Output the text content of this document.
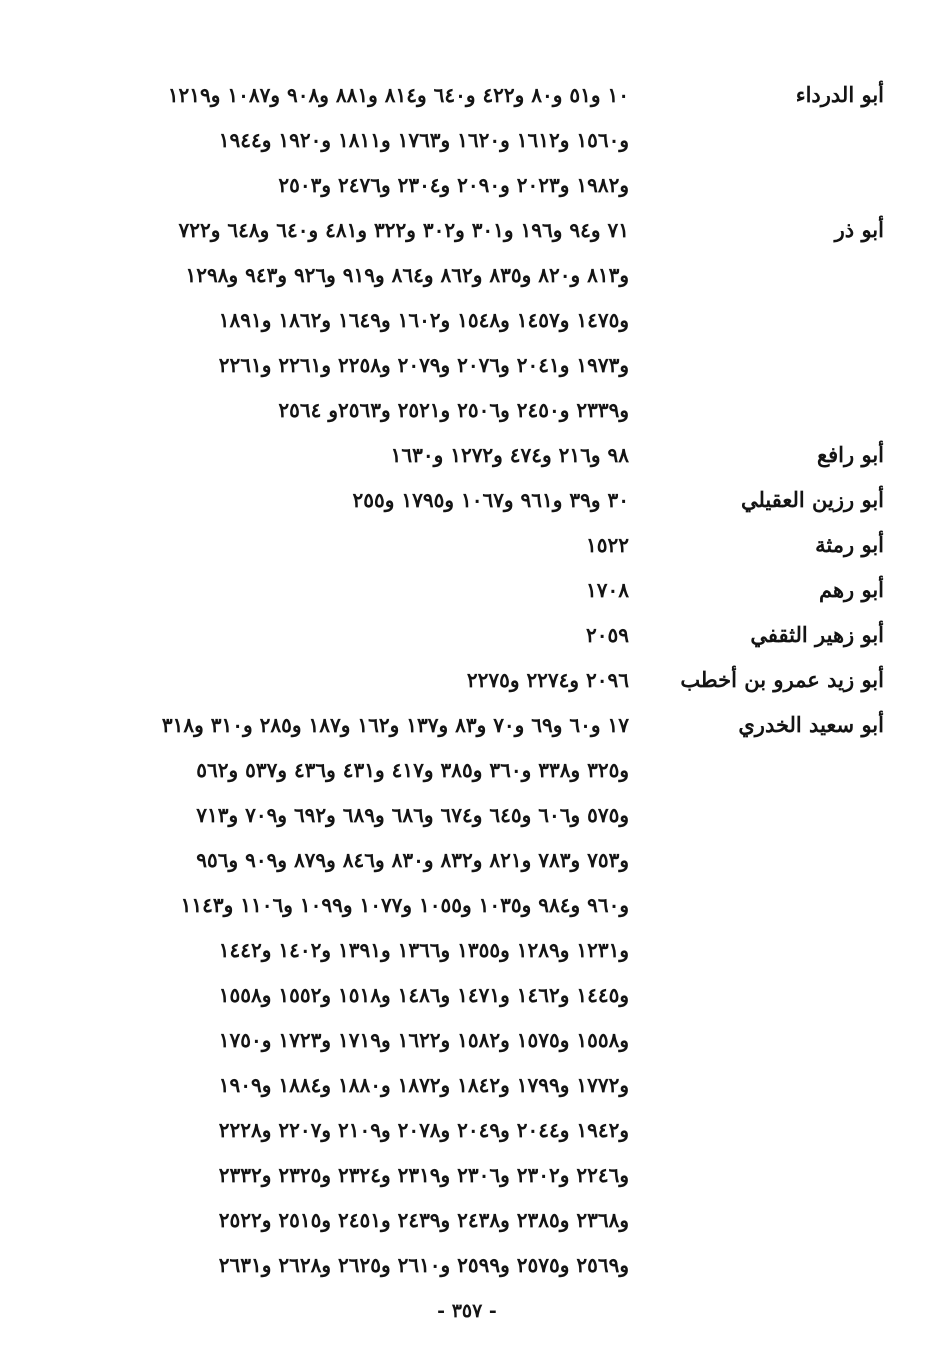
أبو الدرداء
١٠ و٥١ و٨٠ و٤٢٢ و٦٤٠ و٨١٤ و٨٨١ و٩٠٨ و١٠٨٧ و١٢١٩
و١٥٦٠ و١٦١٢ و١٦٢٠ و١٧٦٣ و١٨١١ و١٩٢٠ و١٩٤٤
و١٩٨٢ و٢٠٢٣ و٢٠٩٠ و٢٣٠٤ و٢٤٧٦ و٢٥٠٣
أبو ذر
٧١ و٩٤ و١٩٦ و٣٠١ و٣٠٢ و٣٢٢ و٤٨١ و٦٤٠ و٦٤٨ و٧٢٢
و٨١٣ و٨٢٠ و٨٣٥ و٨٦٢ و٨٦٤ و٩١٩ و٩٢٦ و٩٤٣ و١٢٩٨
و١٤٧٥ و١٤٥٧ و١٥٤٨ و١٦٠٢ و١٦٤٩ و١٨٦٢ و١٨٩١
و١٩٧٣ و٢٠٤١ و٢٠٧٦ و٢٠٧٩ و٢٢٥٨ و٢٢٦١ و٢٢٦١
و٢٣٣٩ و٢٤٥٠ و٢٥٠٦ و٢٥٢١ و٢٥٦٣و ٢٥٦٤
أبو رافع
٩٨ و٢١٦ و٤٧٤ و١٢٧٢ و١٦٣٠
أبو رزين العقيلي
٣٠ و٣٩ و٩٦١ و١٠٦٧ و١٧٩٥ و٢٥٥
أبو رمثة
١٥٢٢
أبو رهم
١٧٠٨
أبو زهير الثقفي
٢٠٥٩
أبو زيد عمرو بن أخطب
٢٠٩٦ و٢٢٧٤ و٢٢٧٥
أبو سعيد الخدري
١٧ و٦٠ و٦٩ و٧٠ و٨٣ و١٣٧ و١٦٢ و١٨٧ و٢٨٥ و٣١٠ و٣١٨
و٣٢٥ و٣٣٨ و٣٦٠ و٣٨٥ و٤١٧ و٤٣١ و٤٣٦ و٥٣٧ و٥٦٢
و٥٧٥ و٦٠٦ و٦٤٥ و٦٧٤ و٦٨٦ و٦٨٩ و٦٩٢ و٧٠٩ و٧١٣
و٧٥٣ و٧٨٣ و٨٢١ و٨٣٢ و٨٣٠ و٨٤٦ و٨٧٩ و٩٠٩ و٩٥٦
و٩٦٠ و٩٨٤ و١٠٣٥ و١٠٥٥ و١٠٧٧ و١٠٩٩ و١١٠٦ و١١٤٣
و١٢٣١ و١٢٨٩ و١٣٥٥ و١٣٦٦ و١٣٩١ و١٤٠٢ و١٤٤٢
و١٤٤٥ و١٤٦٢ و١٤٧١ و١٤٨٦ و١٥١٨ و١٥٥٢ و١٥٥٨
و١٥٥٨ و١٥٧٥ و١٥٨٢ و١٦٢٢ و١٧١٩ و١٧٢٣ و١٧٥٠
و١٧٧٢ و١٧٩٩ و١٨٤٢ و١٨٧٢ و١٨٨٠ و١٨٨٤ و١٩٠٩
و١٩٤٢ و٢٠٤٤ و٢٠٤٩ و٢٠٧٨ و٢١٠٩ و٢٢٠٧ و٢٢٢٨
و٢٢٤٦ و٢٣٠٢ و٢٣٠٦ و٢٣١٩ و٢٣٢٤ و٢٣٢٥ و٢٣٣٢
و٢٣٦٨ و٢٣٨٥ و٢٤٣٨ و٢٤٣٩ و٢٤٥١ و٢٥١٥ و٢٥٢٢
و٢٥٦٩ و٢٥٧٥ و٢٥٩٩ و٢٦١٠ و٢٦٢٥ و٢٦٢٨ و٢٦٣١
- ٣٥٧ -
